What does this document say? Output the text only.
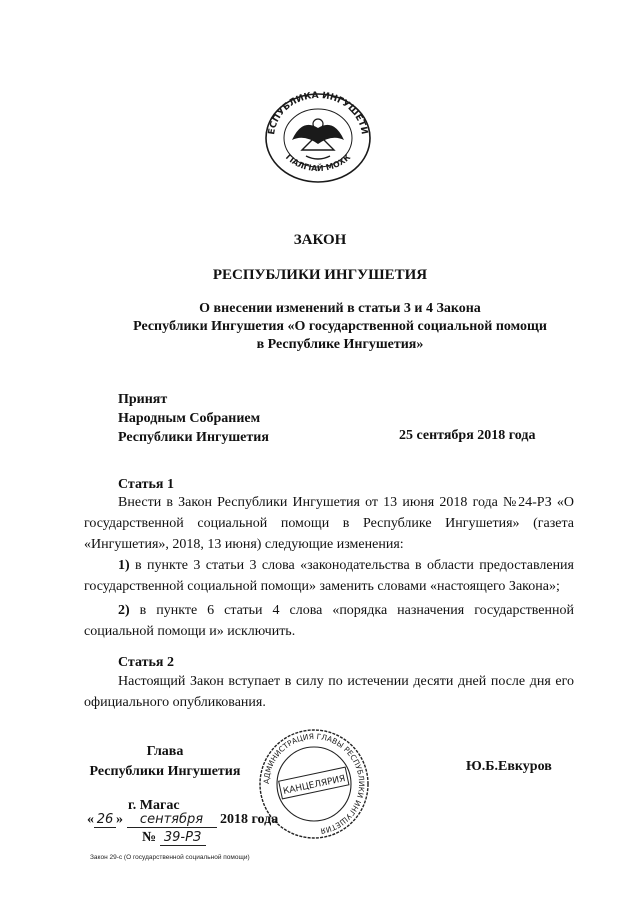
ЕСПУБЛИКА ИНГУШЕТИ
ГІАЛГІАЙ МОХК
ЗАКОН
РЕСПУБЛИКИ ИНГУШЕТИЯ
О внесении изменений в статьи 3 и 4 Закона
Республики Ингушетия «О государственной социальной помощи
в Республике Ингушетия»
Принят
Народным Собранием
Республики Ингушетия	25 сентября 2018 года
Статья 1
Внести в Закон Республики Ингушетия от 13 июня 2018 года №24-РЗ «О государственной социальной помощи в Республике Ингушетия» (газета «Ингушетия», 2018, 13 июня) следующие изменения:
1) в пункте 3 статьи 3 слова «законодательства в области предоставления государственной социальной помощи» заменить словами «настоящего Закона»;
2) в пункте 6 статьи 4 слова «порядка назначения государственной социальной помощи и» исключить.
Статья 2
Настоящий Закон вступает в силу по истечении десяти дней после дня его официального опубликования.
Глава
Республики Ингушетия	Ю.Б.Евкуров
АДМИНИСТРАЦИЯ ГЛАВЫ РЕСПУБЛИКИ ИНГУШЕТИЯ
КАНЦЕЛЯРИЯ
г. Магас
« 26 » сентября 2018 года
№ 39-РЗ
Закон 29-с (О государственной социальной помощи)
